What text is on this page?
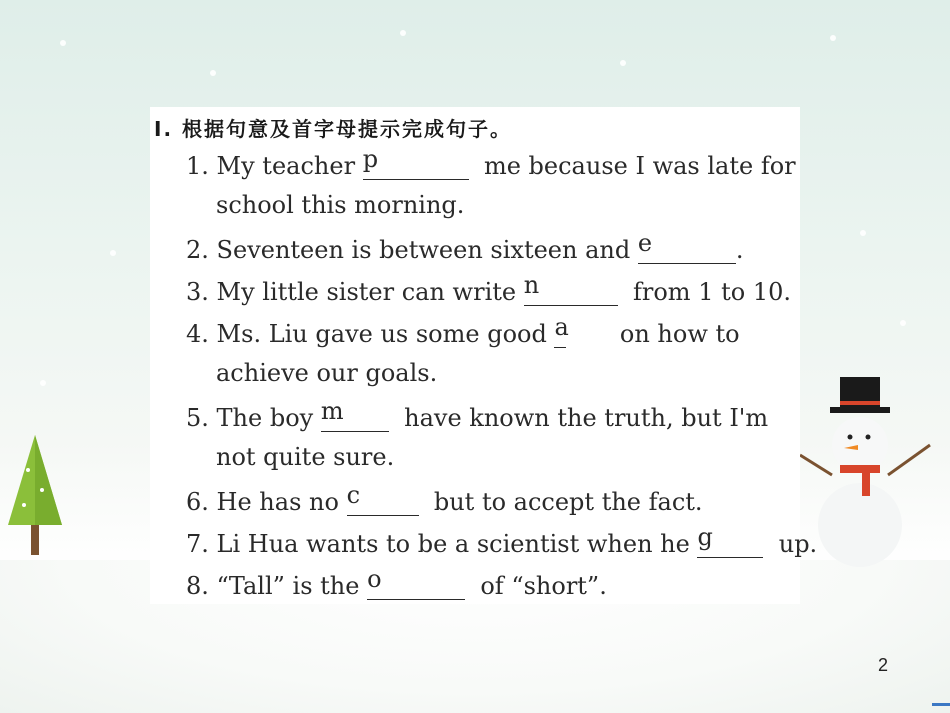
Ⅰ. 根据句意及首字母提示完成句子。
1. My teacher p	me because I was late for
school this morning.
2. Seventeen is between sixteen and e	.
3. My little sister can write n	from 1 to 10.
4. Ms. Liu gave us some good a on how to
achieve our goals.
5. The boy m	have known the truth, but I'm
not quite sure.
6. He has no c	but to accept the fact.
7. Li Hua wants to be a scientist when he g	up.
8. “Tall” is the o	of “short”.
2
